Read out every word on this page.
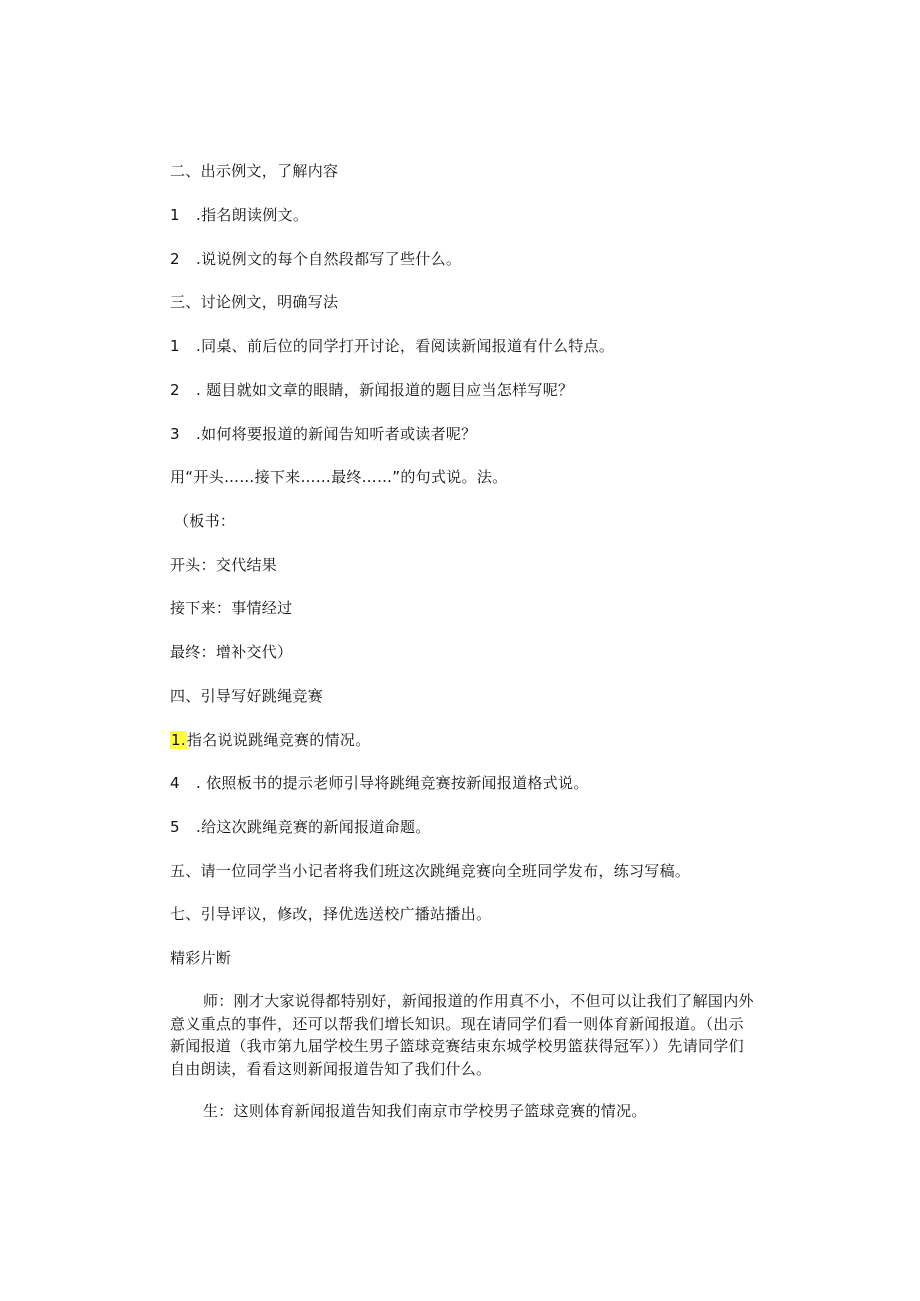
二、出示例文，了解内容
1 .指名朗读例文。
2 .说说例文的每个自然段都写了些什么。
三、讨论例文，明确写法
1 .同桌、前后位的同学打开讨论，看阅读新闻报道有什么特点。
2 . 题目就如文章的眼睛，新闻报道的题目应当怎样写呢？
3 .如何将要报道的新闻告知听者或读者呢？
用“开头……接下来……最终……”的句式说。法。
（板书：
开头：交代结果
接下来：事情经过
最终：增补交代）
四、引导写好跳绳竞赛
1.指名说说跳绳竞赛的情况。
4 . 依照板书的提示老师引导将跳绳竞赛按新闻报道格式说。
5 .给这次跳绳竞赛的新闻报道命题。
五、请一位同学当小记者将我们班这次跳绳竞赛向全班同学发布，练习写稿。
七、引导评议，修改，择优选送校广播站播出。
精彩片断
师：刚才大家说得都特别好，新闻报道的作用真不小，不但可以让我们了解国内外意义重点的事件，还可以帮我们增长知识。现在请同学们看一则体育新闻报道。（出示新闻报道（我市第九届学校生男子篮球竞赛结束东城学校男篮获得冠军））先请同学们自由朗读，看看这则新闻报道告知了我们什么。
生：这则体育新闻报道告知我们南京市学校男子篮球竞赛的情况。
